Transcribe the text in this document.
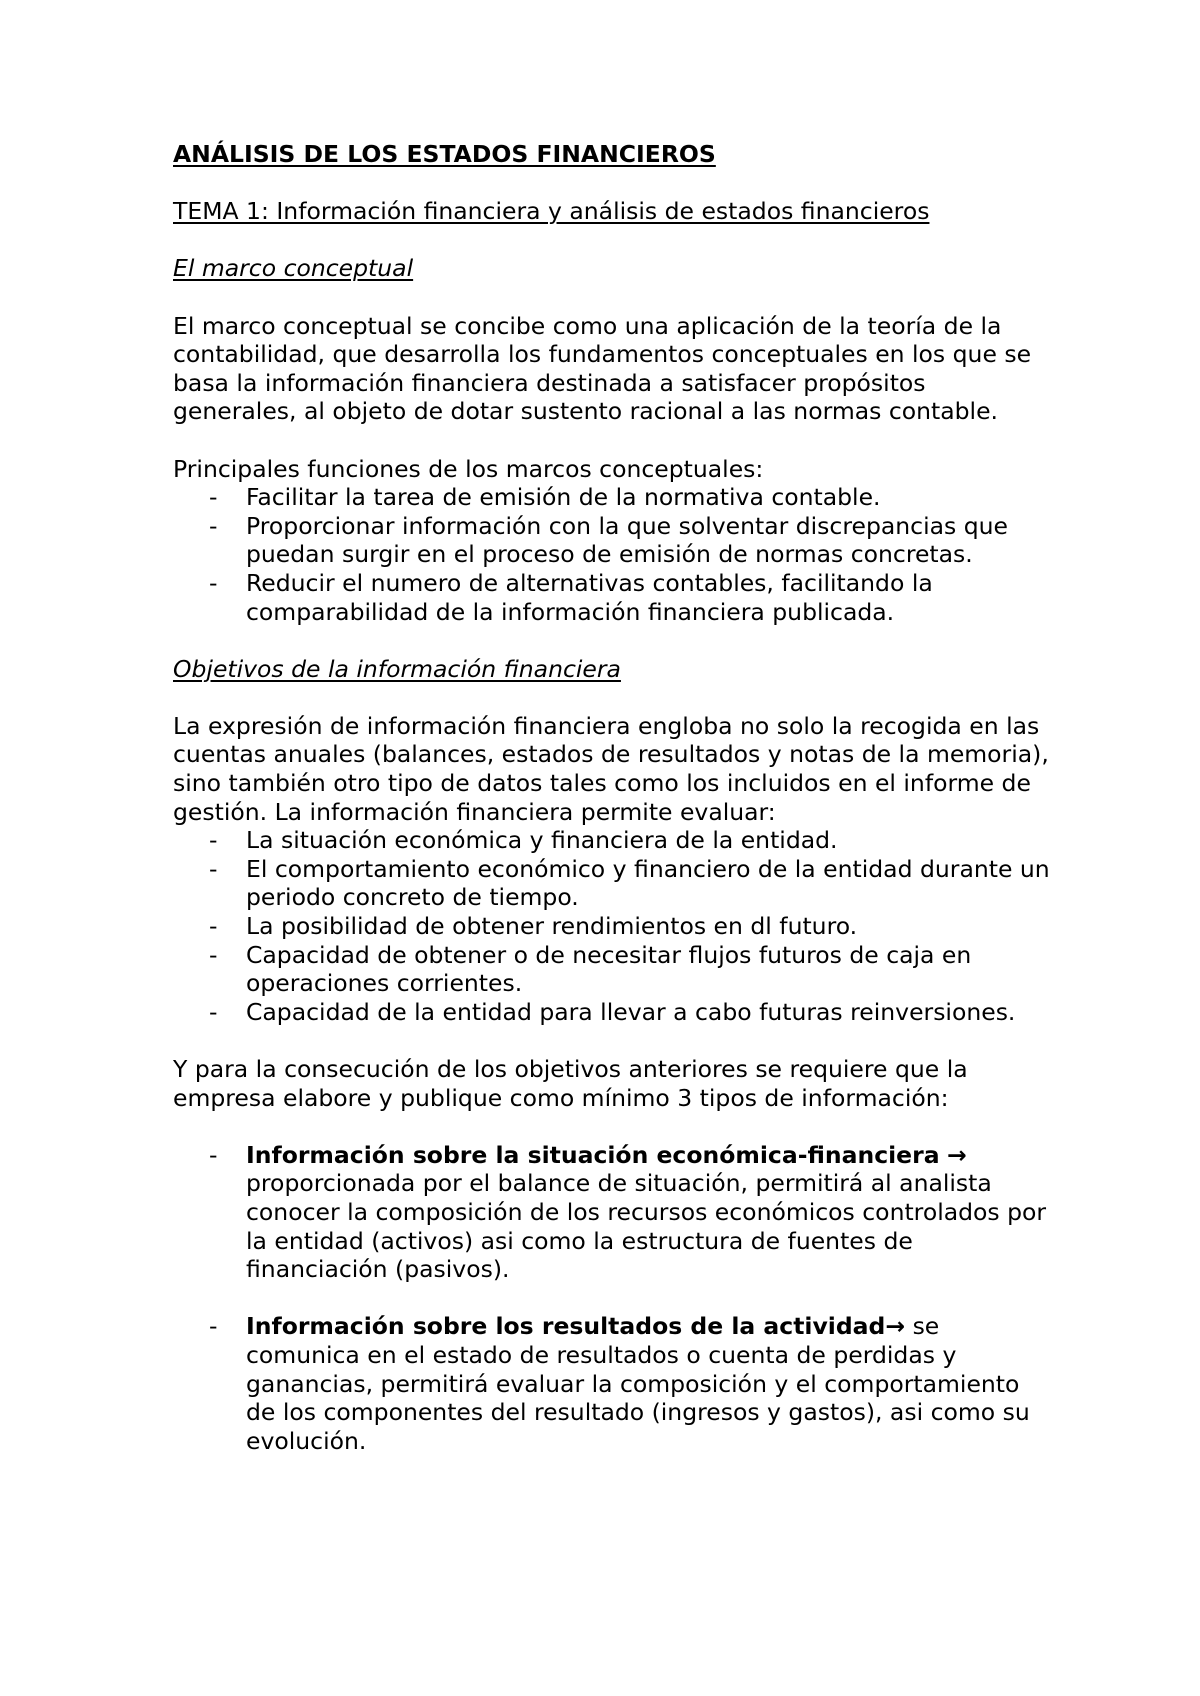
ANÁLISIS DE LOS ESTADOS FINANCIEROS

TEMA 1: Información financiera y análisis de estados financieros

El marco conceptual

El marco conceptual se concibe como una aplicación de la teoría de la contabilidad, que desarrolla los fundamentos conceptuales en los que se basa la información financiera destinada a satisfacer propósitos generales, al objeto de dotar sustento racional a las normas contable.

Principales funciones de los marcos conceptuales:

- Facilitar la tarea de emisión de la normativa contable.
- Proporcionar información con la que solventar discrepancias que puedan surgir en el proceso de emisión de normas concretas.
- Reducir el numero de alternativas contables, facilitando la comparabilidad de la información financiera publicada.

Objetivos de la información financiera

La expresión de información financiera engloba no solo la recogida en las cuentas anuales (balances, estados de resultados y notas de la memoria), sino también otro tipo de datos tales como los incluidos en el informe de gestión. La información financiera permite evaluar:

- La situación económica y financiera de la entidad.
- El comportamiento económico y financiero de la entidad durante un periodo concreto de tiempo.
- La posibilidad de obtener rendimientos en dl futuro.
- Capacidad de obtener o de necesitar flujos futuros de caja en operaciones corrientes.
- Capacidad de la entidad para llevar a cabo futuras reinversiones.

Y para la consecución de los objetivos anteriores se requiere que la empresa elabore y publique como mínimo 3 tipos de información:

- Información sobre la situación económica-financiera → proporcionada por el balance de situación, permitirá al analista conocer la composición de los recursos económicos controlados por la entidad (activos) asi como la estructura de fuentes de financiación (pasivos).
- Información sobre los resultados de la actividad→ se comunica en el estado de resultados o cuenta de perdidas y ganancias, permitirá evaluar la composición y el comportamiento de los componentes del resultado (ingresos y gastos), asi como su evolución.
